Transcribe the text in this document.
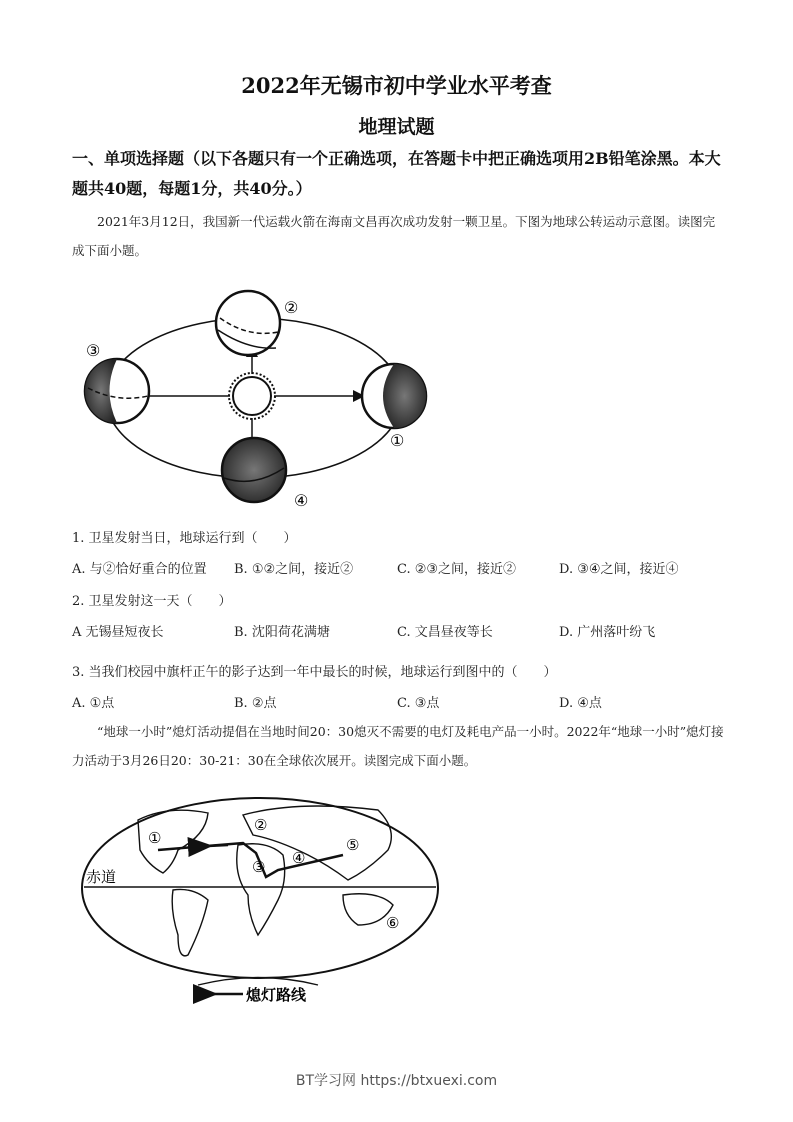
2022年无锡市初中学业水平考查
地理试题
一、单项选择题（以下各题只有一个正确选项，在答题卡中把正确选项用2B铅笔涂黑。本大题共40题，每题1分，共40分。）
2021年3月12日，我国新一代运载火箭在海南文昌再次成功发射一颗卫星。下图为地球公转运动示意图。读图完成下面小题。
②
③
①
④
1. 卫星发射当日，地球运行到（　　）
A. 与②恰好重合的位置 B. ①②之间，接近②	C. ②③之间，接近②	D. ③④之间，接近④
2. 卫星发射这一天（　　）
A 无锡昼短夜长	B. 沈阳荷花满塘	C. 文昌昼夜等长	D. 广州落叶纷飞
3. 当我们校园中旗杆正午的影子达到一年中最长的时候，地球运行到图中的（　　）
A. ①点	B. ②点	C. ③点	D. ④点
“地球一小时”熄灯活动提倡在当地时间20：30熄灭不需要的电灯及耗电产品一小时。2022年“地球一小时”熄灯接力活动于3月26日20：30-21：30在全球依次展开。读图完成下面小题。
赤道
①
②
③ ④
⑤
⑥
熄灯路线
BT学习网 https://btxuexi.com
